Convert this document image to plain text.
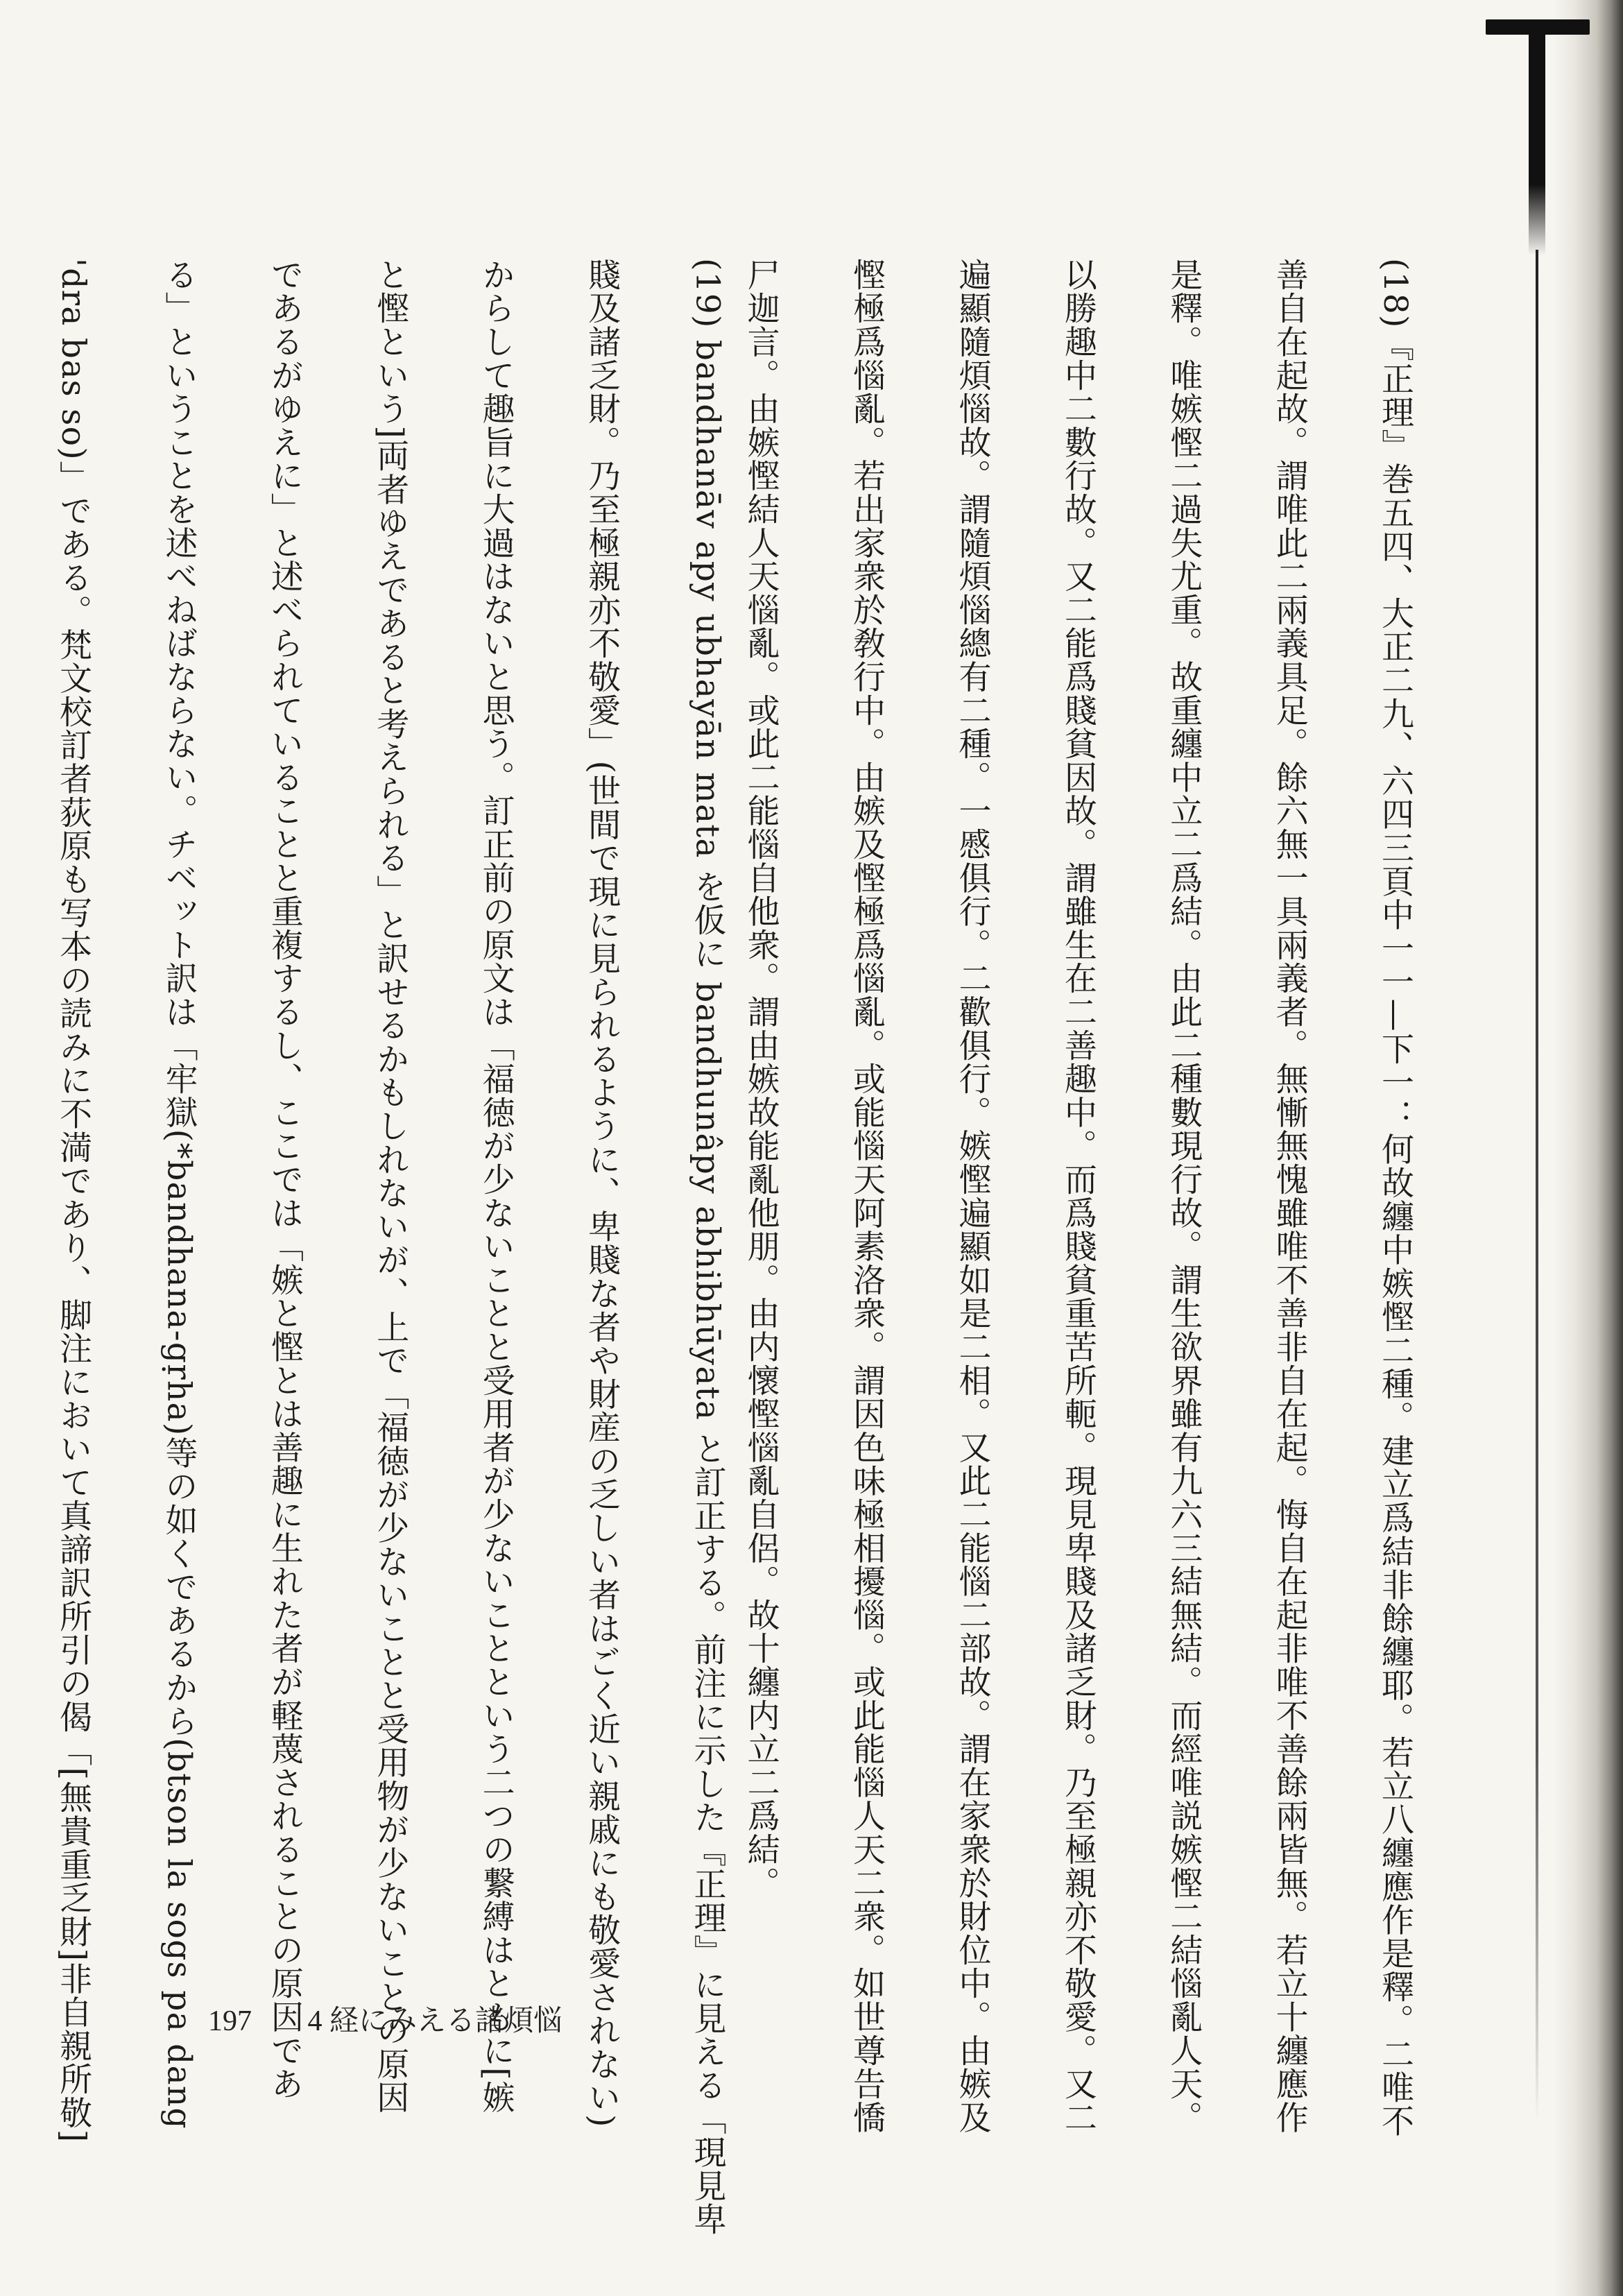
(18)『正理』巻五四、大正二九、六四三頁中一一—下一：何故纏中嫉慳二種。建立爲結非餘纏耶。若立八纏應作是釋。二唯不
善自在起故。謂唯此二兩義具足。餘六無一具兩義者。無慚無愧雖唯不善非自在起。悔自在起非唯不善餘兩皆無。若立十纏應作
是釋。唯嫉慳二過失尤重。故重纏中立二爲結。由此二種數現行故。謂生欲界雖有九六三結無結。而經唯説嫉慳二結惱亂人天。
以勝趣中二數行故。又二能爲賤貧因故。謂雖生在二善趣中。而爲賤貧重苦所軛。現見卑賤及諸乏財。乃至極親亦不敬愛。又二
遍顯隨煩惱故。謂隨煩惱總有二種。一慼俱行。二歡俱行。嫉慳遍顯如是二相。又此二能惱二部故。謂在家衆於財位中。由嫉及
慳極爲惱亂。若出家衆於敎行中。由嫉及慳極爲惱亂。或能惱天阿素洛衆。謂因色味極相擾惱。或此能惱人天二衆。如世尊告憍
尸迦言。由嫉慳結人天惱亂。或此二能惱自他衆。謂由嫉故能亂他朋。由内懷慳惱亂自侶。故十纏内立二爲結。
(19) bandhanāv apy ubhayān mata を仮に bandhunâpy abhibhūyata と訂正する。前注に示した『正理』に見える「現見卑
賤及諸乏財。乃至極親亦不敬愛」(世間で現に見られるように、卑賤な者や財産の乏しい者はごく近い親戚にも敬愛されない)
からして趣旨に大過はないと思う。訂正前の原文は「福徳が少ないことと受用者が少ないことという二つの繋縛はともに[嫉
と慳という]両者ゆえであると考えられる」と訳せるかもしれないが、上で「福徳が少ないことと受用物が少ないことの原因
であるがゆえに」と述べられていることと重複するし、ここでは「嫉と慳とは善趣に生れた者が軽蔑されることの原因であ
る」ということを述べねばならない。チベット訳は「牢獄(*bandhana-gṛha)等の如くであるから(btson la sogs pa dang
'dra bas so)」である。梵文校訂者荻原も写本の読みに不満であり、脚注において真諦訳所引の偈「[無貴重乏財]非自親所敬]	197 4 経にみえる諸煩悩
